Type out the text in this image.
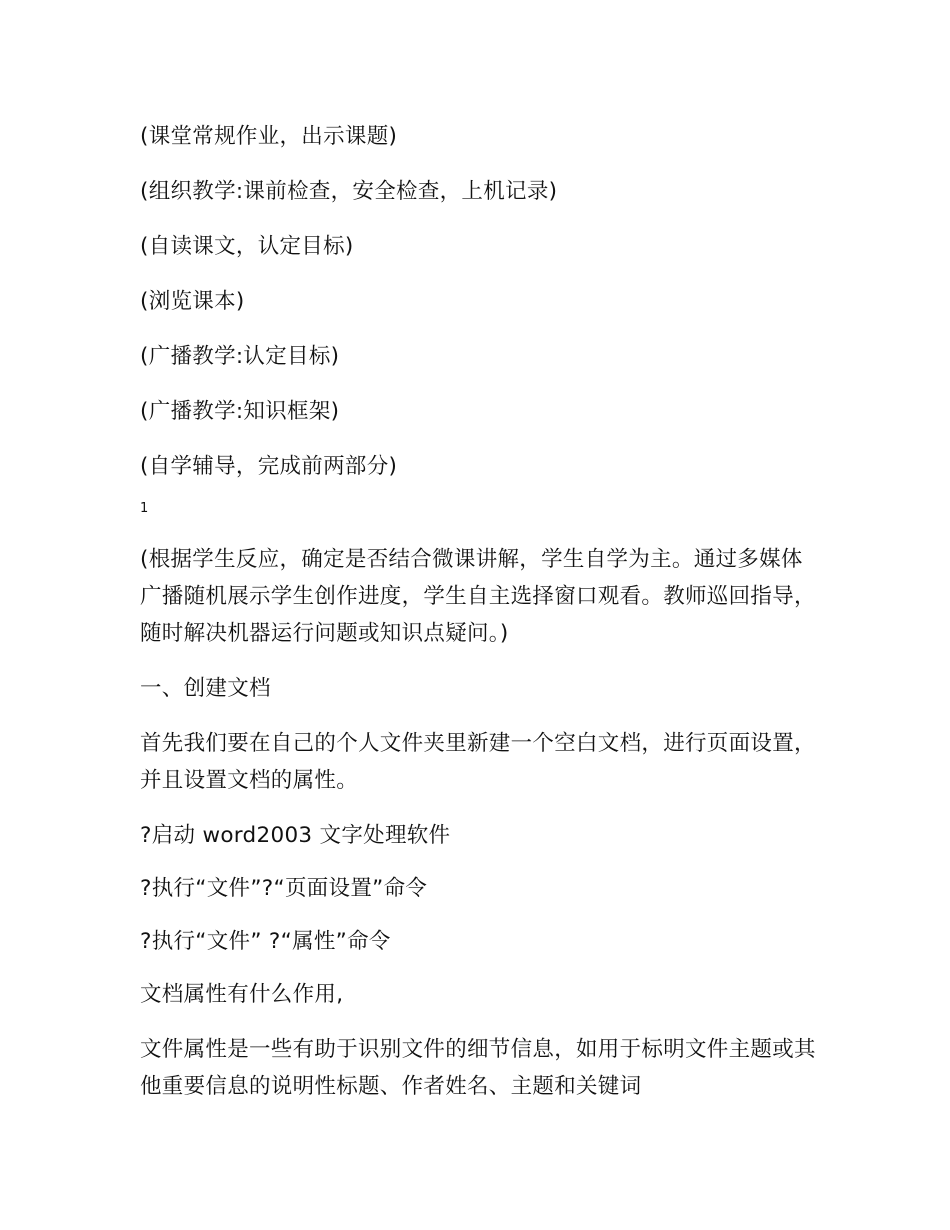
(课堂常规作业，出示课题)

(组织教学:课前检查，安全检查，上机记录)

(自读课文，认定目标)

(浏览课本)

(广播教学:认定目标)

(广播教学:知识框架)

(自学辅导，完成前两部分)

1

(根据学生反应，确定是否结合微课讲解，学生自学为主。通过多媒体广播随机展示学生创作进度，学生自主选择窗口观看。教师巡回指导，随时解决机器运行问题或知识点疑问。)

一、创建文档

首先我们要在自己的个人文件夹里新建一个空白文档，进行页面设置，并且设置文档的属性。

?启动 word2003 文字处理软件

?执行“文件”?“页面设置”命令

?执行“文件” ?“属性”命令

文档属性有什么作用,

文件属性是一些有助于识别文件的细节信息，如用于标明文件主题或其他重要信息的说明性标题、作者姓名、主题和关键词
